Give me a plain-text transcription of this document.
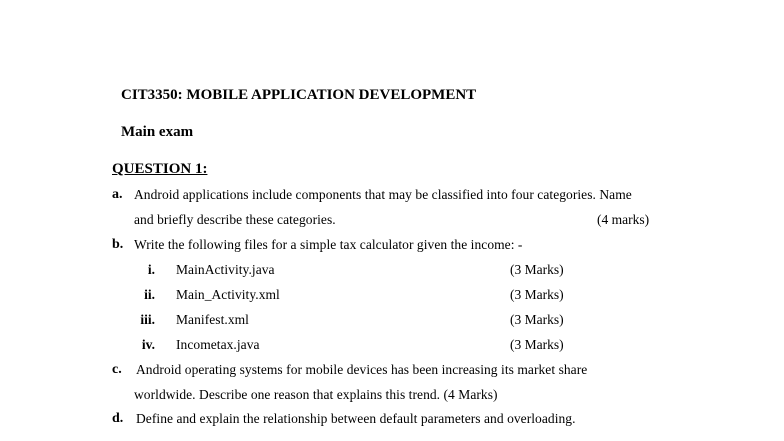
CIT3350: MOBILE APPLICATION DEVELOPMENT
Main exam
QUESTION 1:
a. Android applications include components that may be classified into four categories. Name
and briefly describe these categories.	(4 marks)
b. Write the following files for a simple tax calculator given the income: -
i. MainActivity.java	(3 Marks)
ii. Main_Activity.xml	(3 Marks)
iii. Manifest.xml	(3 Marks)
iv. Incometax.java	(3 Marks)
c. Android operating systems for mobile devices has been increasing its market share
worldwide. Describe one reason that explains this trend. (4 Marks)
d. Define and explain the relationship between default parameters and overloading.
